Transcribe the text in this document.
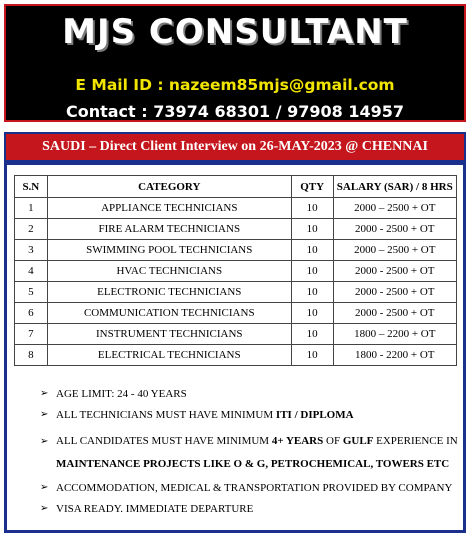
MJS CONSULTANT
E Mail ID : nazeem85mjs@gmail.com
Contact : 73974 68301 / 97908 14957
SAUDI – Direct Client Interview on 26-MAY-2023 @ CHENNAI
S.N	CATEGORY	QTY	SALARY (SAR) / 8 HRS
1	APPLIANCE TECHNICIANS	10	2000 – 2500 + OT
2	FIRE ALARM TECHNICIANS	10	2000 - 2500 + OT
3	SWIMMING POOL TECHNICIANS	10	2000 – 2500 + OT
4	HVAC TECHNICIANS	10	2000 - 2500 + OT
5	ELECTRONIC TECHNICIANS	10	2000 - 2500 + OT
6	COMMUNICATION TECHNICIANS	10	2000 - 2500 + OT
7	INSTRUMENT TECHNICIANS	10	1800 – 2200 + OT
8	ELECTRICAL TECHNICIANS	10	1800 - 2200 + OT
➢ AGE LIMIT: 24 - 40 YEARS
➢ ALL TECHNICIANS MUST HAVE MINIMUM ITI / DIPLOMA
➢ ALL CANDIDATES MUST HAVE MINIMUM 4+ YEARS OF GULF EXPERIENCE IN
MAINTENANCE PROJECTS LIKE O & G, PETROCHEMICAL, TOWERS ETC
➢ ACCOMMODATION, MEDICAL & TRANSPORTATION PROVIDED BY COMPANY
➢ VISA READY. IMMEDIATE DEPARTURE
